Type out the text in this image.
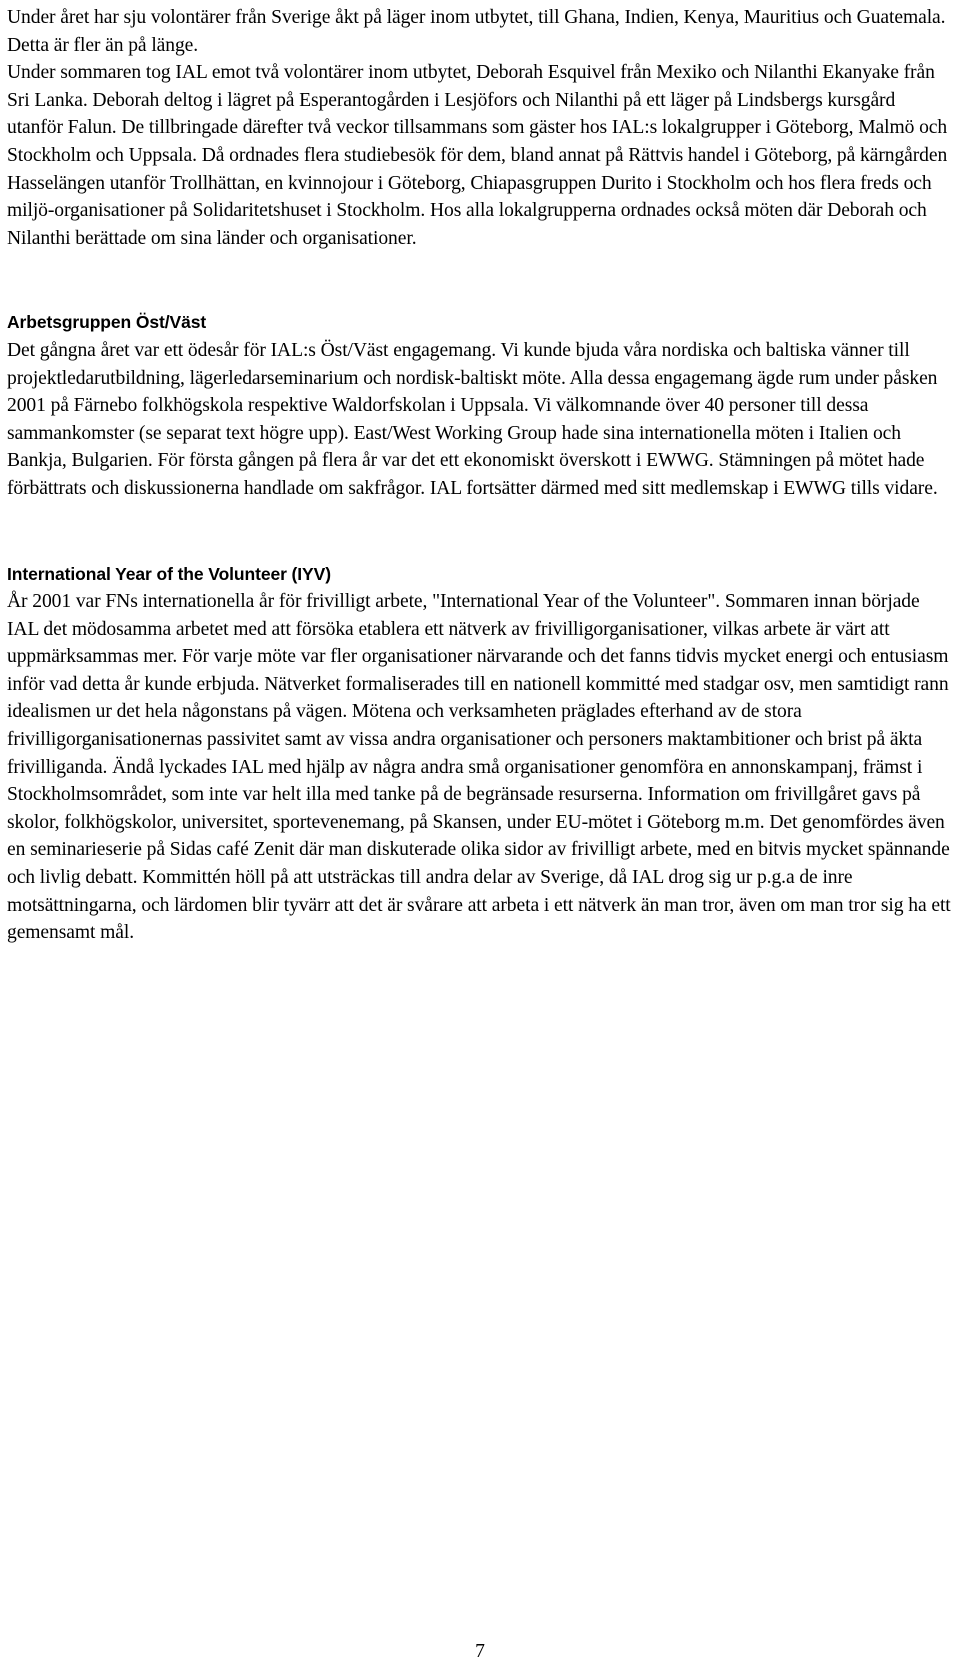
Under året har sju volontärer från Sverige åkt på läger inom utbytet, till Ghana, Indien, Kenya, Mauritius och Guatemala. Detta är fler än på länge.

Under sommaren tog IAL emot två volontärer inom utbytet, Deborah Esquivel från Mexiko och Nilanthi Ekanyake från Sri Lanka. Deborah deltog i lägret på Esperantogården i Lesjöfors och Nilanthi på ett läger på Lindsbergs kursgård utanför Falun. De tillbringade därefter två veckor tillsammans som gäster hos IAL:s lokalgrupper i Göteborg, Malmö och Stockholm och Uppsala. Då ordnades flera studiebesök för dem, bland annat på Rättvis handel i Göteborg, på kärngården Hasselängen utanför Trollhättan, en kvinnojour i Göteborg, Chiapasgruppen Durito i Stockholm och hos flera freds och miljö-organisationer på Solidaritetshuset i Stockholm. Hos alla lokalgrupperna ordnades också möten där Deborah och Nilanthi berättade om sina länder och organisationer.

Arbetsgruppen Öst/Väst

Det gångna året var ett ödesår för IAL:s Öst/Väst engagemang. Vi kunde bjuda våra nordiska och baltiska vänner till projektledarutbildning, lägerledarseminarium och nordisk-baltiskt möte. Alla dessa engagemang ägde rum under påsken 2001 på Färnebo folkhögskola respektive Waldorfskolan i Uppsala. Vi välkomnande över 40 personer till dessa sammankomster (se separat text högre upp). East/West Working Group hade sina internationella möten i Italien och Bankja, Bulgarien. För första gången på flera år var det ett ekonomiskt överskott i EWWG. Stämningen på mötet hade förbättrats och diskussionerna handlade om sakfrågor. IAL fortsätter därmed med sitt medlemskap i EWWG tills vidare.

International Year of the Volunteer (IYV)

År 2001 var FNs internationella år för frivilligt arbete, "International Year of the Volunteer". Sommaren innan började IAL det mödosamma arbetet med att försöka etablera ett nätverk av frivilligorganisationer, vilkas arbete är värt att uppmärksammas mer. För varje möte var fler organisationer närvarande och det fanns tidvis mycket energi och entusiasm inför vad detta år kunde erbjuda. Nätverket formaliserades till en nationell kommitté med stadgar osv, men samtidigt rann idealismen ur det hela någonstans på vägen. Mötena och verksamheten präglades efterhand av de stora frivilligorganisationernas passivitet samt av vissa andra organisationer och personers maktambitioner och brist på äkta frivilliganda. Ändå lyckades IAL med hjälp av några andra små organisationer genomföra en annonskampanj, främst i Stockholmsområdet, som inte var helt illa med tanke på de begränsade resurserna. Information om frivillgåret gavs på skolor, folkhögskolor, universitet, sportevenemang, på Skansen, under EU-mötet i Göteborg m.m. Det genomfördes även en seminarieserie på Sidas café Zenit där man diskuterade olika sidor av frivilligt arbete, med en bitvis mycket spännande och livlig debatt. Kommittén höll på att utsträckas till andra delar av Sverige, då IAL drog sig ur p.g.a de inre motsättningarna, och lärdomen blir tyvärr att det är svårare att arbeta i ett nätverk än man tror, även om man tror sig ha ett gemensamt mål.

7
